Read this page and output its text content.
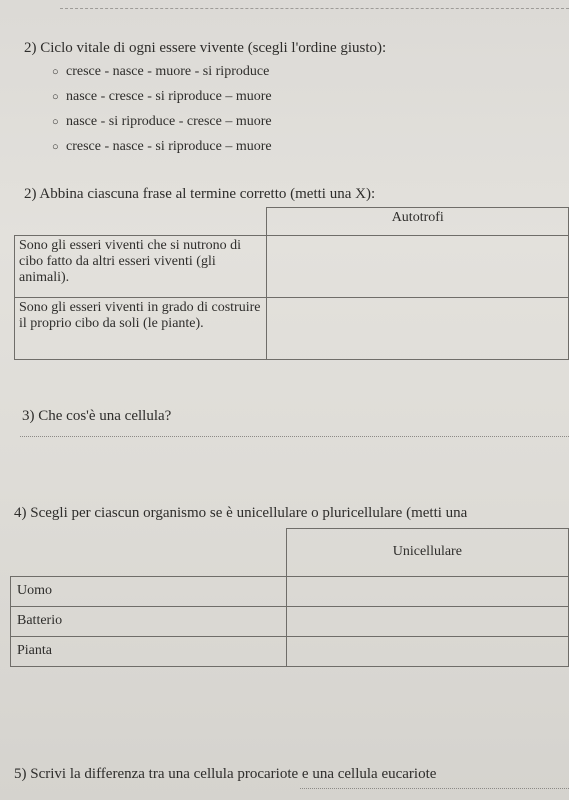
2) Ciclo vitale di ogni essere vivente (scegli l'ordine giusto):
○ cresce - nasce - muore - si riproduce
○ nasce - cresce - si riproduce – muore
○ nasce - si riproduce - cresce – muore
○ cresce - nasce - si riproduce – muore
2) Abbina ciascuna frase al termine corretto (metti una X):
	Autotrofi
Sono gli esseri viventi che si nutrono di cibo fatto da altri esseri viventi (gli animali).	
Sono gli esseri viventi in grado di costruire il proprio cibo da soli (le piante).	
3) Che cos'è una cellula?
4) Scegli per ciascun organismo se è unicellulare o pluricellulare (metti una
	Unicellulare
Uomo	
Batterio	
Pianta	
5) Scrivi la differenza tra una cellula procariote e una cellula eucariote
